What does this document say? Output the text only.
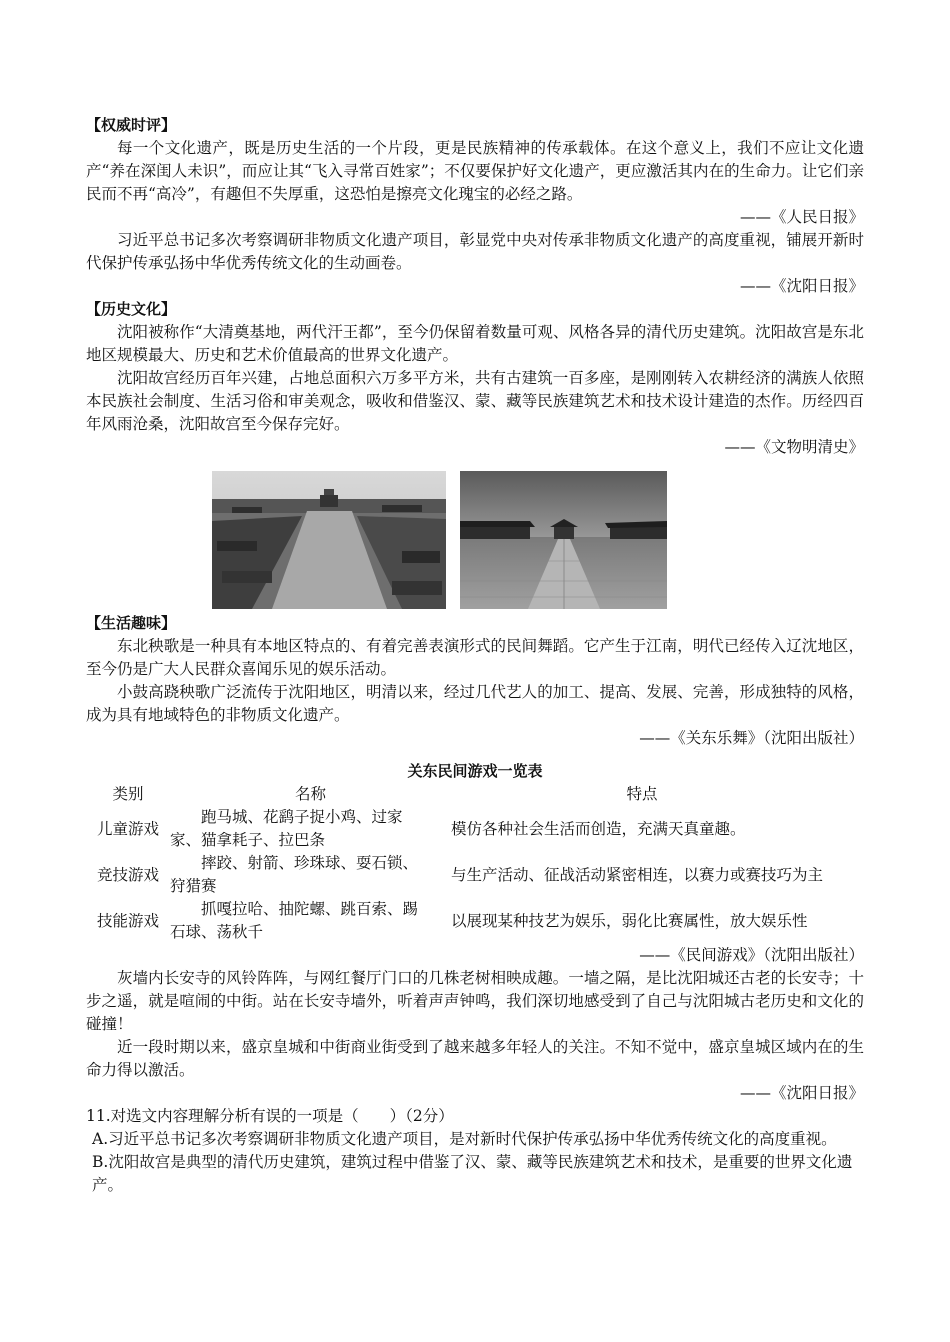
【权威时评】

每一个文化遗产，既是历史生活的一个片段，更是民族精神的传承载体。在这个意义上，我们不应让文化遗产“养在深闺人未识”，而应让其“飞入寻常百姓家”；不仅要保护好文化遗产，更应激活其内在的生命力。让它们亲民而不再“高冷”，有趣但不失厚重，这恐怕是擦亮文化瑰宝的必经之路。

——《人民日报》

习近平总书记多次考察调研非物质文化遗产项目，彰显党中央对传承非物质文化遗产的高度重视，铺展开新时代保护传承弘扬中华优秀传统文化的生动画卷。

——《沈阳日报》

【历史文化】

沈阳被称作“大清奠基地，两代汗王都”，至今仍保留着数量可观、风格各异的清代历史建筑。沈阳故宫是东北地区规模最大、历史和艺术价值最高的世界文化遗产。

沈阳故宫经历百年兴建，占地总面积六万多平方米，共有古建筑一百多座，是刚刚转入农耕经济的满族人依照本民族社会制度、生活习俗和审美观念，吸收和借鉴汉、蒙、藏等民族建筑艺术和技术设计建造的杰作。历经四百年风雨沧桑，沈阳故宫至今保存完好。

——《文物明清史》

【生活趣味】

东北秧歌是一种具有本地区特点的、有着完善表演形式的民间舞蹈。它产生于江南，明代已经传入辽沈地区，至今仍是广大人民群众喜闻乐见的娱乐活动。

小鼓高跷秧歌广泛流传于沈阳地区，明清以来，经过几代艺人的加工、提高、发展、完善，形成独特的风格，成为具有地域特色的非物质文化遗产。

——《关东乐舞》（沈阳出版社）

关东民间游戏一览表

类别	名称	特点
儿童游戏	跑马城、花鹞子捉小鸡、过家家、猫拿耗子、拉巴条	模仿各种社会生活而创造，充满天真童趣。
竞技游戏	摔跤、射箭、珍珠球、耍石锁、狩猎赛	与生产活动、征战活动紧密相连，以赛力或赛技巧为主
技能游戏	抓嘎拉哈、抽陀螺、跳百索、踢石球、荡秋千	以展现某种技艺为娱乐，弱化比赛属性，放大娱乐性

——《民间游戏》（沈阳出版社）

灰墙内长安寺的风铃阵阵，与网红餐厅门口的几株老树相映成趣。一墙之隔，是比沈阳城还古老的长安寺；十步之遥，就是喧闹的中街。站在长安寺墙外，听着声声钟鸣，我们深切地感受到了自己与沈阳城古老历史和文化的碰撞！

近一段时期以来，盛京皇城和中街商业街受到了越来越多年轻人的关注。不知不觉中，盛京皇城区域内在的生命力得以激活。

——《沈阳日报》

11.对选文内容理解分析有误的一项是（　　）（2分）

A.习近平总书记多次考察调研非物质文化遗产项目，是对新时代保护传承弘扬中华优秀传统文化的高度重视。

B.沈阳故宫是典型的清代历史建筑，建筑过程中借鉴了汉、蒙、藏等民族建筑艺术和技术，是重要的世界文化遗产。
